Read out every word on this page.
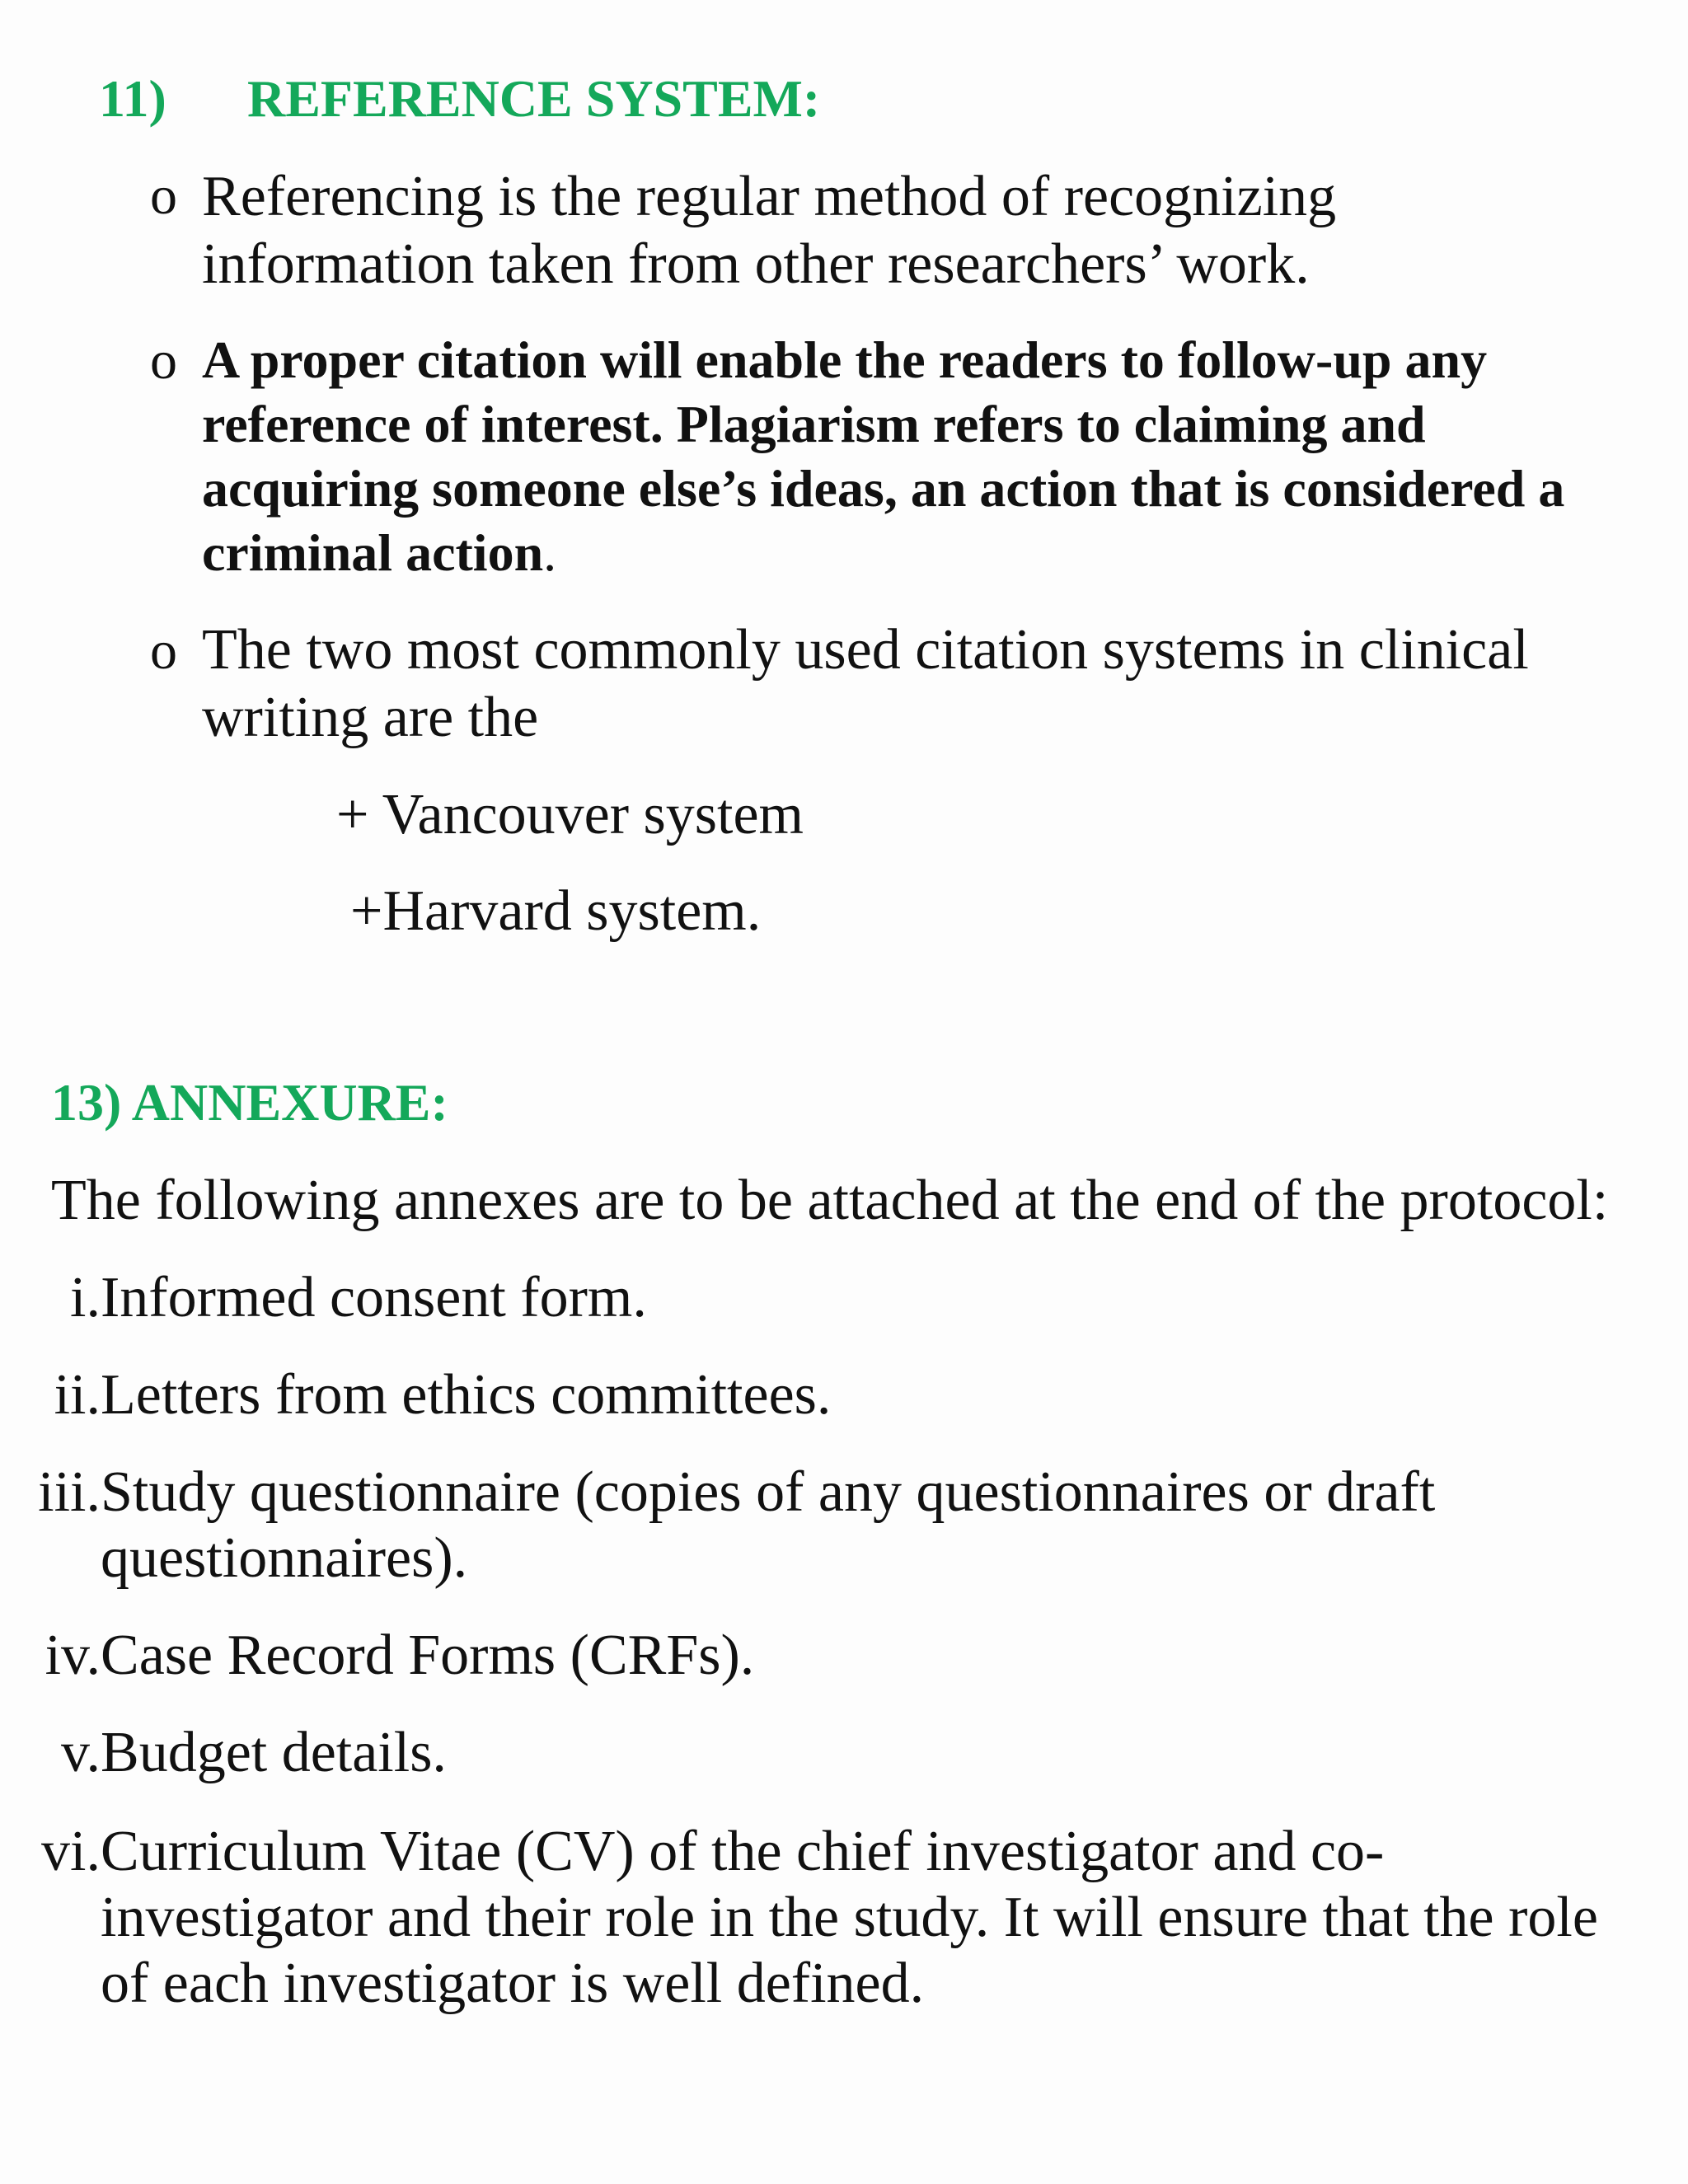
11) REFERENCE SYSTEM:
o Referencing is the regular method of recognizing
information taken from other researchers’ work.
o A proper citation will enable the readers to follow-up any
reference of interest. Plagiarism refers to claiming and
acquiring someone else’s ideas, an action that is considered a
criminal action.
o The two most commonly used citation systems in clinical
writing are the
+ Vancouver system
+Harvard system.
13) ANNEXURE:
The following annexes are to be attached at the end of the protocol:
i. Informed consent form.
ii. Letters from ethics committees.
iii. Study questionnaire (copies of any questionnaires or draft
questionnaires).
iv. Case Record Forms (CRFs).
v. Budget details.
vi. Curriculum Vitae (CV) of the chief investigator and co-
investigator and their role in the study. It will ensure that the role
of each investigator is well defined.
